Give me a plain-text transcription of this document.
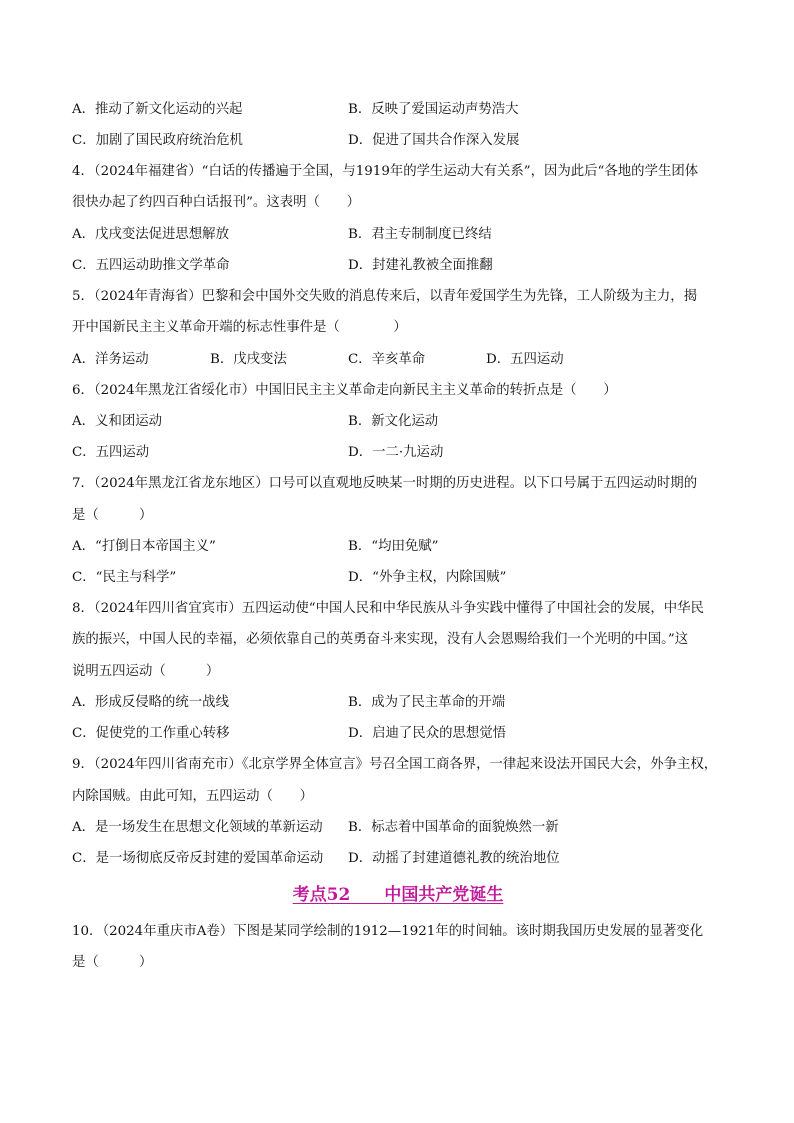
A．推动了新文化运动的兴起	B．反映了爱国运动声势浩大
C．加剧了国民政府统治危机	D．促进了国共合作深入发展
4．（2024年福建省）“白话的传播遍于全国，与1919年的学生运动大有关系”，因为此后“各地的学生团体
很快办起了约四百种白话报刊”。这表明（　　）
A．戊戌变法促进思想解放	B．君主专制制度已终结
C．五四运动助推文学革命	D．封建礼教被全面推翻
5．（2024年青海省）巴黎和会中国外交失败的消息传来后，以青年爱国学生为先锋，工人阶级为主力，揭
开中国新民主主义革命开端的标志性事件是（　　　　）
A．洋务运动	B．戊戌变法	C．辛亥革命	D．五四运动
6．（2024年黑龙江省绥化市）中国旧民主主义革命走向新民主主义革命的转折点是（　　）
A．义和团运动	B．新文化运动
C．五四运动	D．一二·九运动
7．（2024年黑龙江省龙东地区）口号可以直观地反映某一时期的历史进程。以下口号属于五四运动时期的
是（　　　）
A．“打倒日本帝国主义”	B．“均田免赋”
C．“民主与科学”	D．“外争主权，内除国贼”
8．（2024年四川省宜宾市）五四运动使“中国人民和中华民族从斗争实践中懂得了中国社会的发展，中华民
族的振兴，中国人民的幸福，必须依靠自己的英勇奋斗来实现，没有人会恩赐给我们一个光明的中国。”这
说明五四运动（　　　）
A．形成反侵略的统一战线	B．成为了民主革命的开端
C．促使党的工作重心转移	D．启迪了民众的思想觉悟
9．（2024年四川省南充市）《北京学界全体宣言》号召全国工商各界，一律起来设法开国民大会，外争主权，
内除国贼。由此可知，五四运动（　　）
A．是一场发生在思想文化领域的革新运动 B．标志着中国革命的面貌焕然一新
C．是一场彻底反帝反封建的爱国革命运动 D．动摇了封建道德礼教的统治地位
考点52　　中国共产党诞生
10．（2024年重庆市A卷）下图是某同学绘制的1912—1921年的时间轴。该时期我国历史发展的显著变化
是（　　　）
